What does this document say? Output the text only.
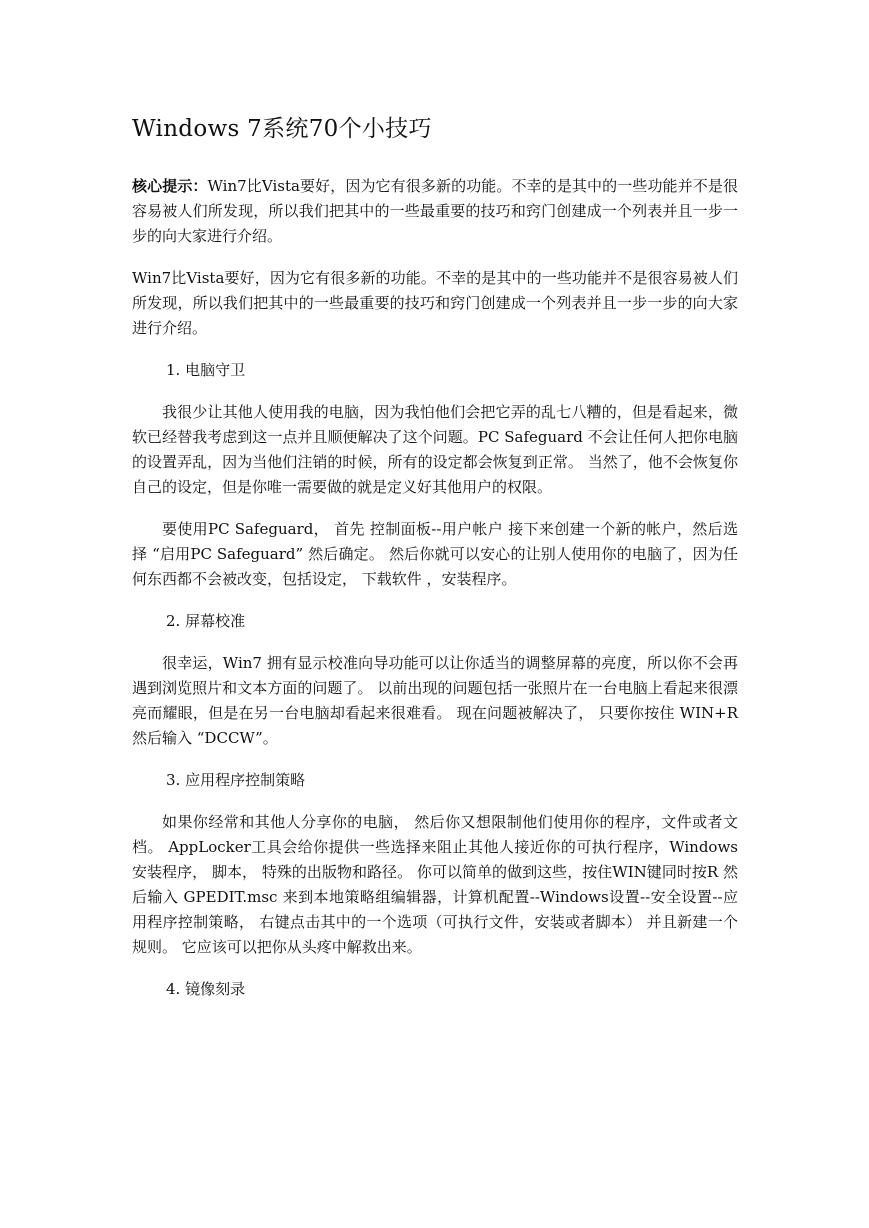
Windows 7系统70个小技巧

核心提示：Win7比Vista要好，因为它有很多新的功能。不幸的是其中的一些功能并不是很容易被人们所发现，所以我们把其中的一些最重要的技巧和窍门创建成一个列表并且一步一步的向大家进行介绍。

Win7比Vista要好，因为它有很多新的功能。不幸的是其中的一些功能并不是很容易被人们所发现，所以我们把其中的一些最重要的技巧和窍门创建成一个列表并且一步一步的向大家进行介绍。

1. 电脑守卫

我很少让其他人使用我的电脑，因为我怕他们会把它弄的乱七八糟的，但是看起来，微软已经替我考虑到这一点并且顺便解决了这个问题。PC Safeguard 不会让任何人把你电脑的设置弄乱，因为当他们注销的时候，所有的设定都会恢复到正常。 当然了，他不会恢复你自己的设定，但是你唯一需要做的就是定义好其他用户的权限。

要使用PC Safeguard， 首先 控制面板--用户帐户 接下来创建一个新的帐户，然后选择 “启用PC Safeguard” 然后确定。 然后你就可以安心的让别人使用你的电脑了，因为任何东西都不会被改变，包括设定， 下载软件 ，安装程序。

2. 屏幕校准

很幸运，Win7 拥有显示校准向导功能可以让你适当的调整屏幕的亮度，所以你不会再遇到浏览照片和文本方面的问题了。 以前出现的问题包括一张照片在一台电脑上看起来很漂亮而耀眼，但是在另一台电脑却看起来很难看。 现在问题被解决了， 只要你按住 WIN+R 然后输入 “DCCW”。

3. 应用程序控制策略

如果你经常和其他人分享你的电脑， 然后你又想限制他们使用你的程序，文件或者文档。 AppLocker工具会给你提供一些选择来阻止其他人接近你的可执行程序，Windows安装程序， 脚本， 特殊的出版物和路径。 你可以简单的做到这些，按住WIN键同时按R 然后输入 GPEDIT.msc 来到本地策略组编辑器，计算机配置--Windows设置--安全设置--应用程序控制策略， 右键点击其中的一个选项（可执行文件，安装或者脚本） 并且新建一个规则。 它应该可以把你从头疼中解救出来。

4. 镜像刻录
